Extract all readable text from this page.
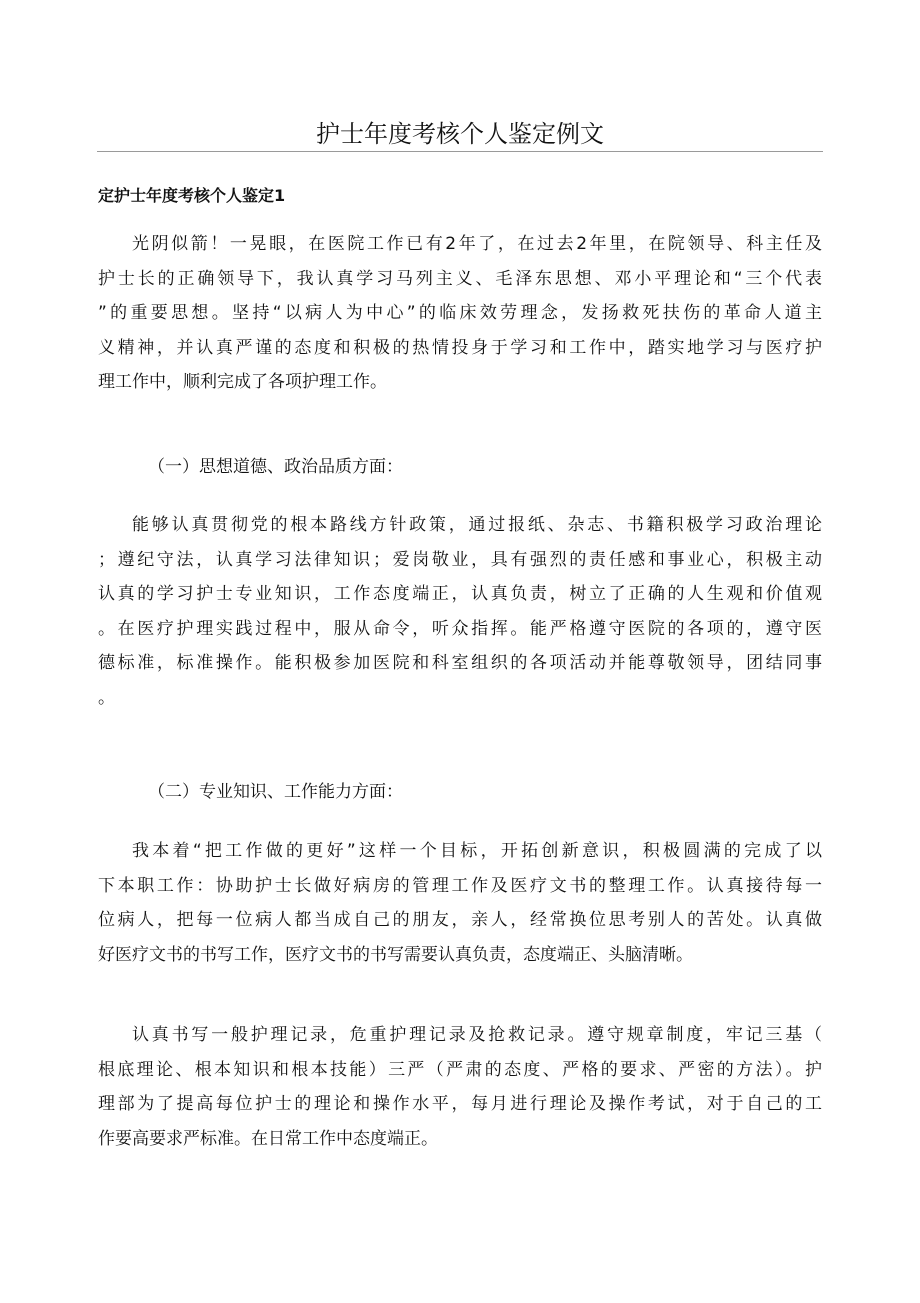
护士年度考核个人鉴定例文

定护士年度考核个人鉴定1

光阴似箭！一晃眼，在医院工作已有2年了，在过去2年里，在院领导、科主任及
护士长的正确领导下，我认真学习马列主义、毛泽东思想、邓小平理论和“三个代表
”的重要思想。坚持“以病人为中心”的临床效劳理念，发扬救死扶伤的革命人道主
义精神，并认真严谨的态度和积极的热情投身于学习和工作中，踏实地学习与医疗护
理工作中，顺利完成了各项护理工作。

（一）思想道德、政治品质方面：

能够认真贯彻党的根本路线方针政策，通过报纸、杂志、书籍积极学习政治理论
；遵纪守法，认真学习法律知识；爱岗敬业，具有强烈的责任感和事业心，积极主动
认真的学习护士专业知识，工作态度端正，认真负责，树立了正确的人生观和价值观
。在医疗护理实践过程中，服从命令，听众指挥。能严格遵守医院的各项的，遵守医
德标准，标准操作。能积极参加医院和科室组织的各项活动并能尊敬领导，团结同事
。

（二）专业知识、工作能力方面：

我本着“把工作做的更好”这样一个目标，开拓创新意识，积极圆满的完成了以
下本职工作：协助护士长做好病房的管理工作及医疗文书的整理工作。认真接待每一
位病人，把每一位病人都当成自己的朋友，亲人，经常换位思考别人的苦处。认真做
好医疗文书的书写工作，医疗文书的书写需要认真负责，态度端正、头脑清晰。
认真书写一般护理记录，危重护理记录及抢救记录。遵守规章制度，牢记三基（
根底理论、根本知识和根本技能）三严（严肃的态度、严格的要求、严密的方法）。护
理部为了提高每位护士的理论和操作水平，每月进行理论及操作考试，对于自己的工
作要高要求严标准。在日常工作中态度端正。
